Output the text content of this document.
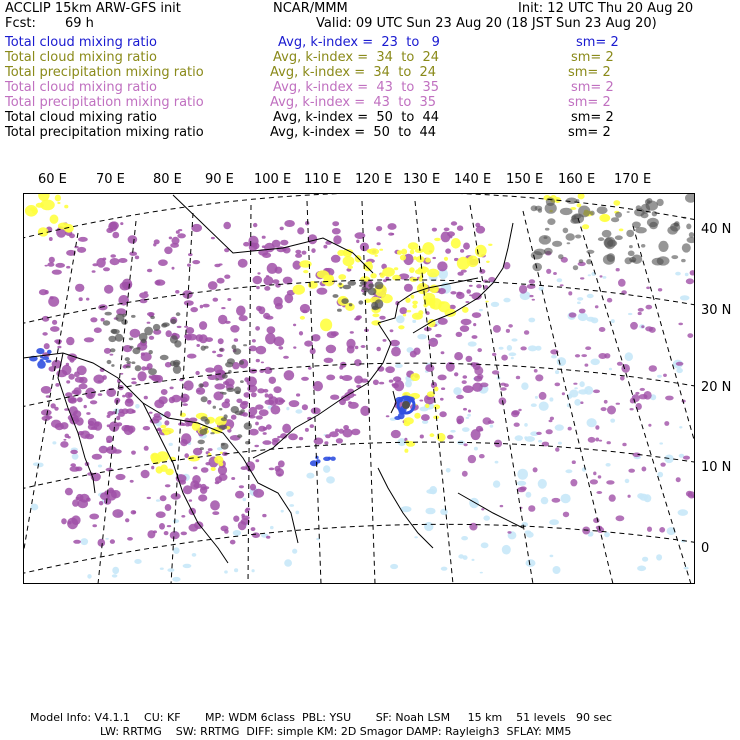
ACCLIP 15km ARW-GFS init	NCAR/MMM	Init: 12 UTC Thu 20 Aug 20
Fcst: 69 h	Valid: 09 UTC Sun 23 Aug 20 (18 JST Sun 23 Aug 20)
Total cloud mixing ratio	Avg, k-index =  23  to   9	sm= 2
Total cloud mixing ratio	Avg, k-index =  34  to  24	sm= 2
Total precipitation mixing ratio	Avg, k-index =  34  to  24	sm= 2
Total cloud mixing ratio	Avg, k-index =  43  to  35	sm= 2
Total precipitation mixing ratio	Avg, k-index =  43  to  35	sm= 2
Total cloud mixing ratio	Avg, k-index =  50  to  44	sm= 2
Total precipitation mixing ratio	Avg, k-index =  50  to  44	sm= 2
60 E 70 E 80 E 90 E 100 E 110 E 120 E 130 E 140 E 150 E 160 E 170 E
40 N
30 N
20 N
10 N
0
Model Info: V4.1.1    CU: KF       MP: WDM 6class  PBL: YSU       SF: Noah LSM     15 km    51 levels   90 sec
LW: RRTMG    SW: RRTMG  DIFF: simple KM: 2D Smagor DAMP: Rayleigh3  SFLAY: MM5
